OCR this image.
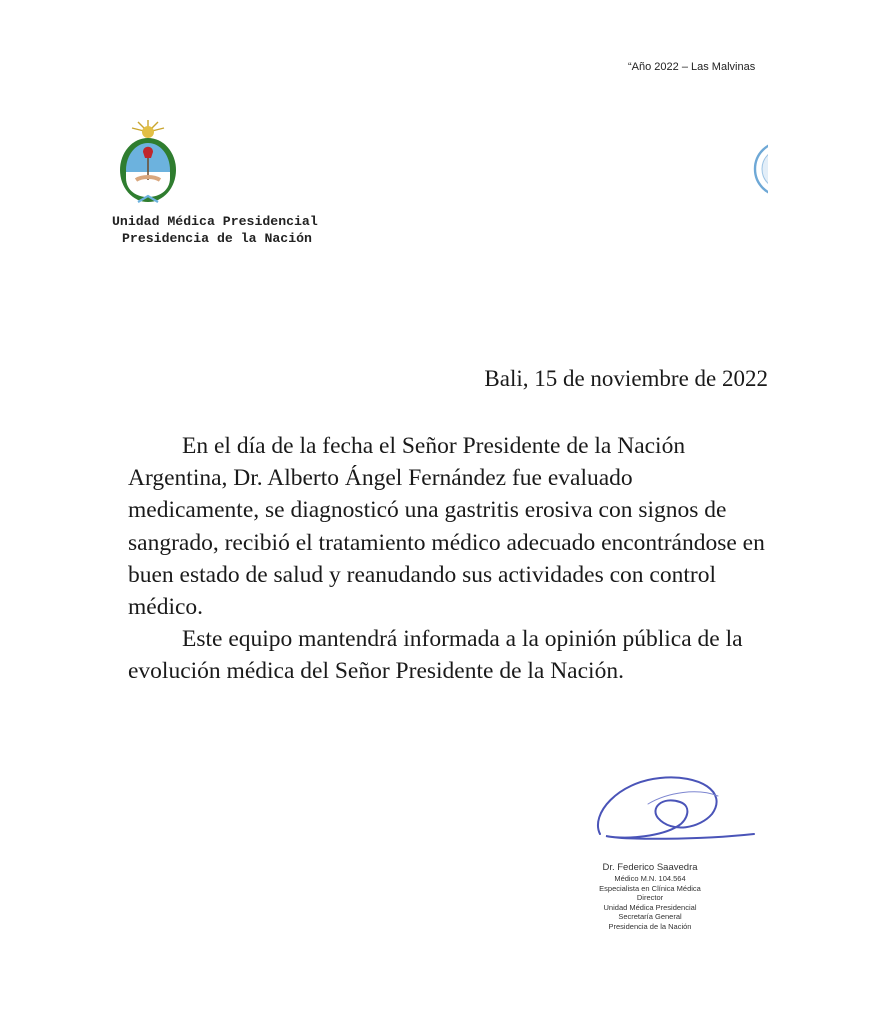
“Año 2022 – Las Malvinas
Unidad Médica Presidencial
Presidencia de la Nación
Bali, 15 de noviembre de 2022

En el día de la fecha el Señor Presidente de la Nación Argentina, Dr. Alberto Ángel Fernández fue evaluado medicamente, se diagnosticó una gastritis erosiva con signos de sangrado, recibió el tratamiento médico adecuado encontrándose en buen estado de salud y reanudando sus actividades con control médico.

Este equipo mantendrá informada a la opinión pública de la evolución médica del Señor Presidente de la Nación.

Dr. Federico Saavedra
Médico M.N. 104.564
Especialista en Clínica Médica
Director
Unidad Médica Presidencial
Secretaría General
Presidencia de la Nación
